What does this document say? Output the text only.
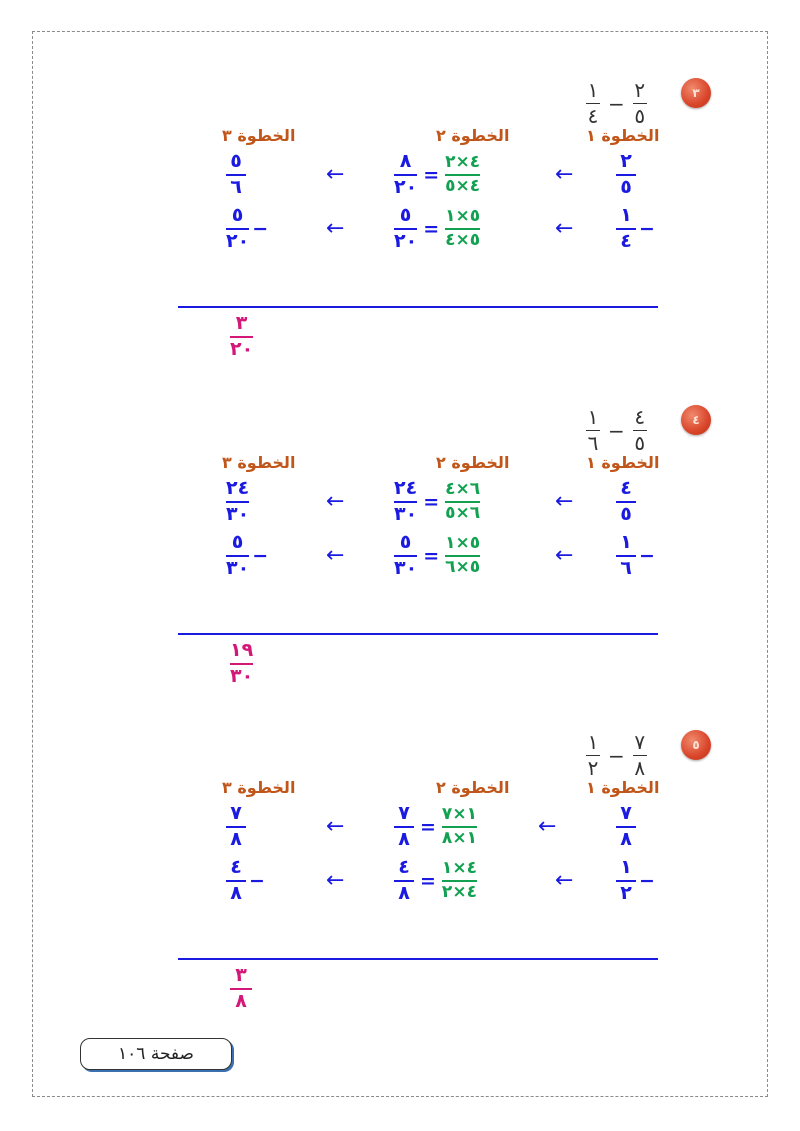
٣
$\frac{١}{٤} - \frac{٢}{٥}$
الخطوة ١
الخطوة ٢
الخطوة ٣
$\frac{٢}{٥}$
←
$\frac{٨}{٢٠} = \frac{٤\times ٢}{٤\times ٥}$
←
$\frac{٥}{٦}$
$\frac{١}{٤}$ −
←
$\frac{٥}{٢٠} = \frac{٥\times ١}{٥\times ٤}$
←
$\frac{٥}{٢٠}$ −
$\frac{٣}{٢٠}$
٤
$\frac{١}{٦} - \frac{٤}{٥}$
الخطوة ١
الخطوة ٢
الخطوة ٣
$\frac{٤}{٥}$
←
$\frac{٢٤}{٣٠} = \frac{٦\times ٤}{٦\times ٥}$
←
$\frac{٢٤}{٣٠}$
$\frac{١}{٦}$ −
←
$\frac{٥}{٣٠} = \frac{٥\times ١}{٥\times ٦}$
←
$\frac{٥}{٣٠}$ −
$\frac{١٩}{٣٠}$
٥
$\frac{١}{٢} - \frac{٧}{٨}$
الخطوة ١
الخطوة ٢
الخطوة ٣
$\frac{٧}{٨}$
←
$\frac{٧}{٨} = \frac{١\times ٧}{١\times ٨}$
←
$\frac{٧}{٨}$
$\frac{١}{٢}$ −
←
$\frac{٤}{٨} = \frac{٤\times ١}{٤\times ٢}$
←
$\frac{٤}{٨}$ −
$\frac{٣}{٨}$
صفحة ١٠٦
